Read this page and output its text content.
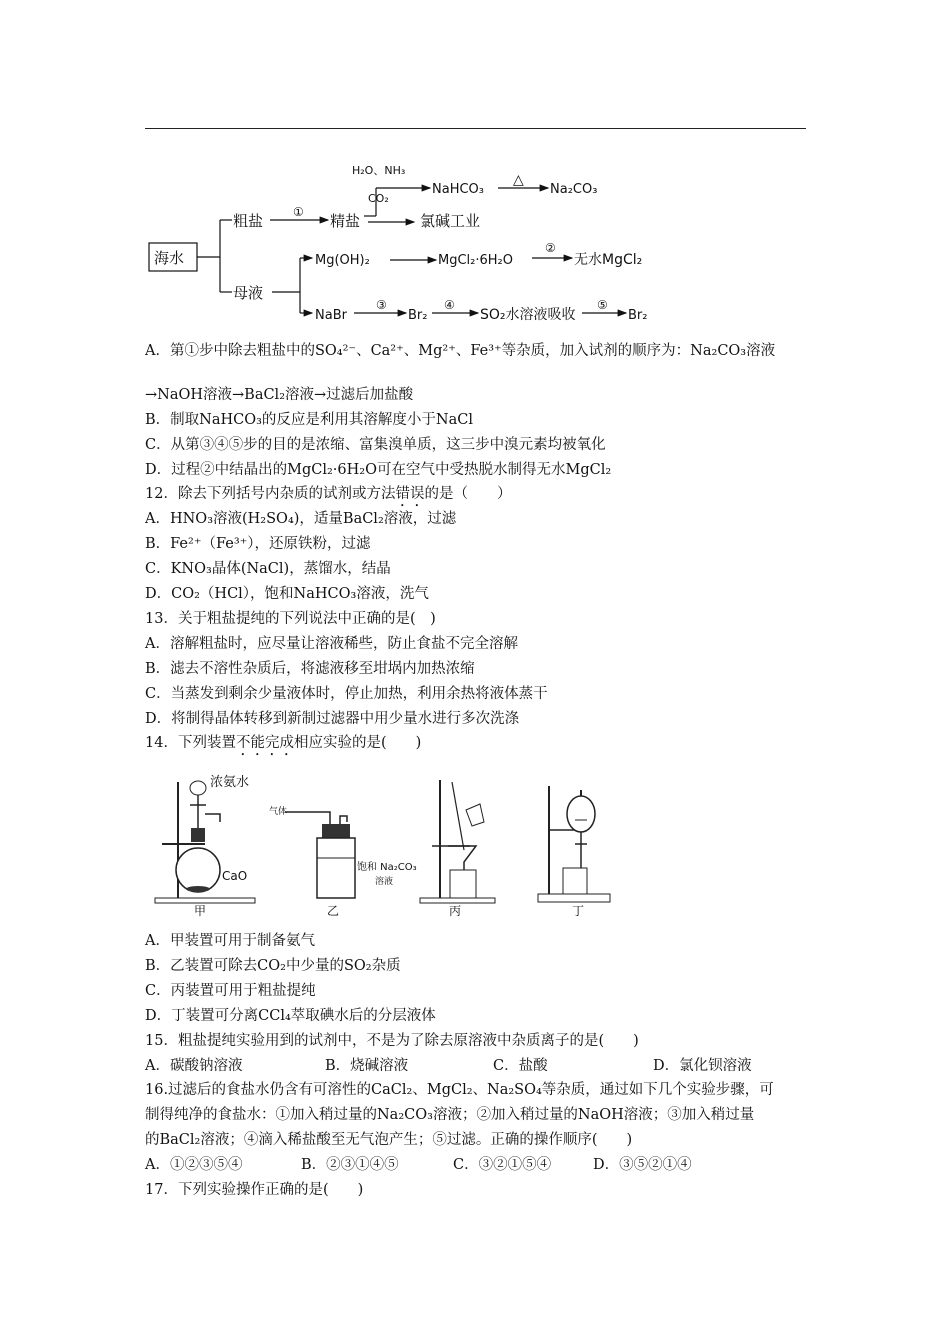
海水
粗盐 ① 精盐
H₂O、NH₃
CO₂
NaHCO₃
△
Na₂CO₃
氯碱工业
母液
Mg(OH)₂	MgCl₂·6H₂O
②
无水MgCl₂
NaBr
③
Br₂
④
SO₂水溶液吸收
⑤
Br₂
A．第①步中除去粗盐中的SO₄²⁻、Ca²⁺、Mg²⁺、Fe³⁺等杂质，加入试剂的顺序为：Na₂CO₃溶液
→NaOH溶液→BaCl₂溶液→过滤后加盐酸
B．制取NaHCO₃的反应是利用其溶解度小于NaCl
C．从第③④⑤步的目的是浓缩、富集溴单质，这三步中溴元素均被氧化
D．过程②中结晶出的MgCl₂·6H₂O可在空气中受热脱水制得无水MgCl₂
12．除去下列括号内杂质的试剂或方法错误的是（　　）
A．HNO₃溶液(H₂SO₄)，适量BaCl₂溶液，过滤
B．Fe²⁺（Fe³⁺），还原铁粉，过滤
C．KNO₃晶体(NaCl)，蒸馏水，结晶
D．CO₂（HCl），饱和NaHCO₃溶液，洗气
13．关于粗盐提纯的下列说法中正确的是(　)
A．溶解粗盐时，应尽量让溶液稀些，防止食盐不完全溶解
B．滤去不溶性杂质后，将滤液移至坩埚内加热浓缩
C．当蒸发到剩余少量液体时，停止加热，利用余热将液体蒸干
D．将制得晶体转移到新制过滤器中用少量水进行多次洗涤
14．下列装置不能完成相应实验的是(　　)
A．甲装置可用于制备氨气
B．乙装置可除去CO₂中少量的SO₂杂质
C．丙装置可用于粗盐提纯
D．丁装置可分离CCl₄萃取碘水后的分层液体
15．粗盐提纯实验用到的试剂中，不是为了除去原溶液中杂质离子的是(　　)
A．碳酸钠溶液	B．烧碱溶液	C．盐酸	D．氯化钡溶液
16.过滤后的食盐水仍含有可溶性的CaCl₂、MgCl₂、Na₂SO₄等杂质，通过如下几个实验步骤，可
制得纯净的食盐水：①加入稍过量的Na₂CO₃溶液；②加入稍过量的NaOH溶液；③加入稍过量
的BaCl₂溶液；④滴入稀盐酸至无气泡产生；⑤过滤。正确的操作顺序(　　)
A．①②③⑤④	B．②③①④⑤	C．③②①⑤④	D．③⑤②①④
17．下列实验操作正确的是(　　)
浓氨水
CaO
气体
饱和 Na₂CO₃
溶液
甲	乙	丙	丁
